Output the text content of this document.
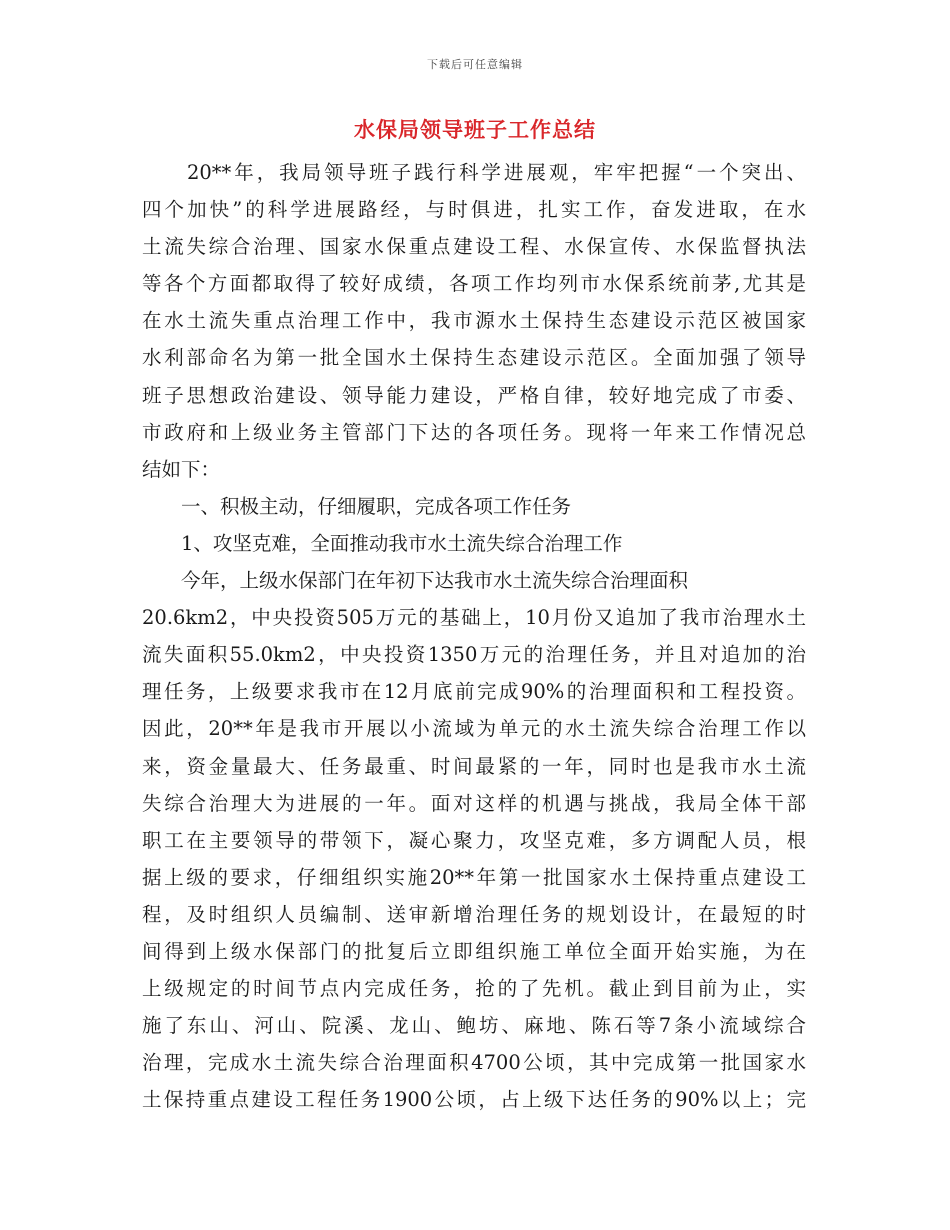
下载后可任意编辑
水保局领导班子工作总结
　　20**年，我局领导班子践行科学进展观，牢牢把握“一个突出、
四个加快”的科学进展路经，与时俱进，扎实工作，奋发进取，在水
土流失综合治理、国家水保重点建设工程、水保宣传、水保监督执法
等各个方面都取得了较好成绩，各项工作均列市水保系统前茅,尤其是
在水土流失重点治理工作中，我市源水土保持生态建设示范区被国家
水利部命名为第一批全国水土保持生态建设示范区。全面加强了领导
班子思想政治建设、领导能力建设，严格自律，较好地完成了市委、
市政府和上级业务主管部门下达的各项任务。现将一年来工作情况总
结如下：
　　一、积极主动，仔细履职，完成各项工作任务
　　1、攻坚克难，全面推动我市水土流失综合治理工作
　　今年，上级水保部门在年初下达我市水土流失综合治理面积
20.6km2，中央投资505万元的基础上，10月份又追加了我市治理水土
流失面积55.0km2，中央投资1350万元的治理任务，并且对追加的治
理任务，上级要求我市在12月底前完成90%的治理面积和工程投资。
因此，20**年是我市开展以小流域为单元的水土流失综合治理工作以
来，资金量最大、任务最重、时间最紧的一年，同时也是我市水土流
失综合治理大为进展的一年。面对这样的机遇与挑战，我局全体干部
职工在主要领导的带领下，凝心聚力，攻坚克难，多方调配人员，根
据上级的要求，仔细组织实施20**年第一批国家水土保持重点建设工
程，及时组织人员编制、送审新增治理任务的规划设计，在最短的时
间得到上级水保部门的批复后立即组织施工单位全面开始实施，为在
上级规定的时间节点内完成任务，抢的了先机。截止到目前为止，实
施了东山、河山、院溪、龙山、鲍坊、麻地、陈石等7条小流域综合
治理，完成水土流失综合治理面积4700公顷，其中完成第一批国家水
土保持重点建设工程任务1900公顷，占上级下达任务的90%以上；完
